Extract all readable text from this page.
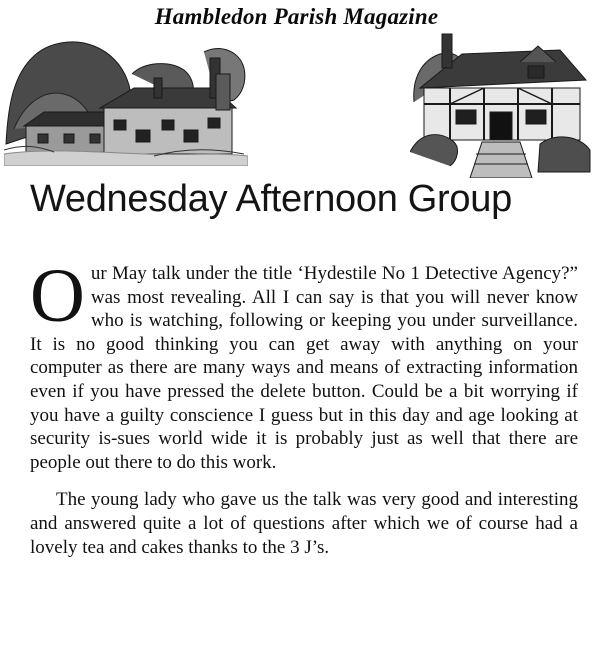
Hambledon Parish Magazine
Wednesday Afternoon Group

Our May talk under the title ‘Hydestile No 1 Detective Agency?” was most revealing. All I can say is that you will never know who is watching, following or keeping you under surveillance. It is no good thinking you can get away with anything on your computer as there are many ways and means of extracting information even if you have pressed the delete button. Could be a bit worrying if you have a guilty conscience I guess but in this day and age looking at security is-sues world wide it is probably just as well that there are people out there to do this work.

The young lady who gave us the talk was very good and interesting and answered quite a lot of questions after which we of course had a lovely tea and cakes thanks to the 3 J’s.
